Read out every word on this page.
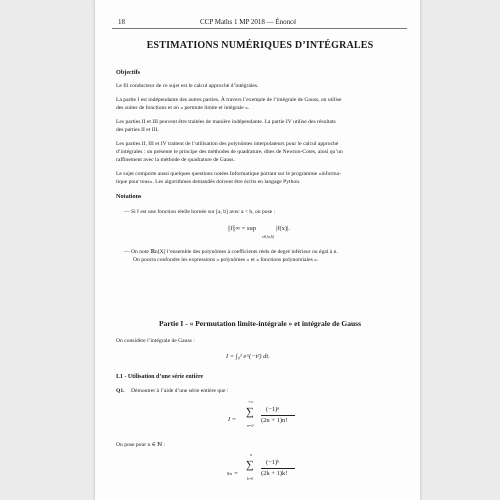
18	CCP Maths 1 MP 2018 — Énoncé
ESTIMATIONS NUMÉRIQUES D’INTÉGRALES
Objectifs
Le fil conducteur de ce sujet est le calcul approché d’intégrales.
La partie I est indépendante des autres parties. À travers l’exemple de l’intégrale de Gauss, on utilise
des suites de fonctions et on « permute limite et intégrale ».
Les parties II et III peuvent être traitées de manière indépendante. La partie IV utilise des résultats
des parties II et III.
Les parties II, III et IV traitent de l’utilisation des polynômes interpolateurs pour le calcul approché
d’intégrales : on présente le principe des méthodes de quadrature, dites de Newton-Cotes, ainsi qu’un
raffinement avec la méthode de quadrature de Gauss.
Le sujet comporte aussi quelques questions notées Informatique portant sur le programme «informa-
tique pour tous». Les algorithmes demandés doivent être écrits en langage Python.
Notations
— Si f est une fonction réelle bornée sur [a, b] avec a < b, on pose :
||f||∞ = sup
x∈[a,b]
|f(x)|.
— On note ℝn[X] l’ensemble des polynômes à coefficients réels de degré inférieur ou égal à n.
On pourra confondre les expressions « polynômes » et « fonctions polynomiales ».
Partie I - « Permutation limite-intégrale » et intégrale de Gauss
On considère l’intégrale de Gauss :
I = ∫₀¹ e^(−t²) dt.
I.1 - Utilisation d’une série entière
Q1. Démontrer à l’aide d’une série entière que :
I =
+∞
∑
n=0
(−1)ⁿ
(2n + 1)n!
On pose pour n ∈ ℕ :
sₙ =
n
∑
k=0
(−1)ᵏ
(2k + 1)k!
